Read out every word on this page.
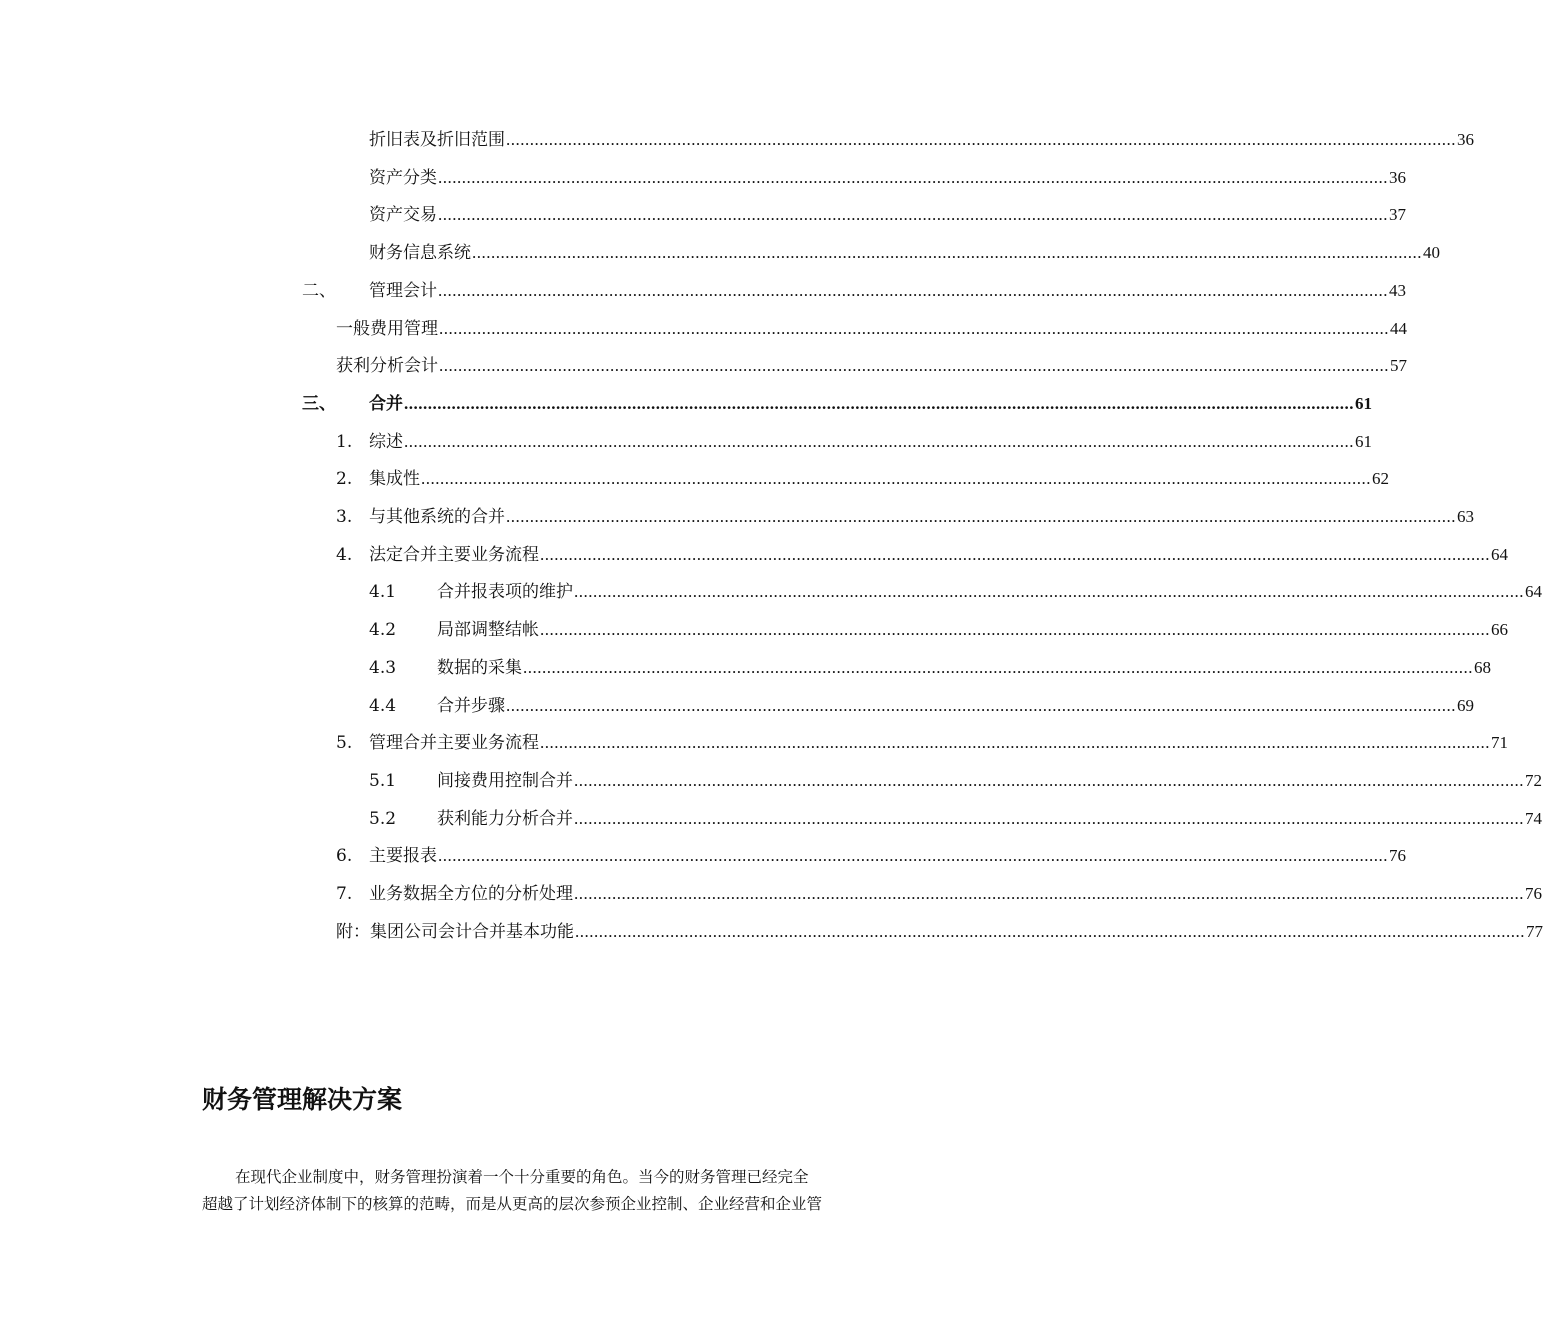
折旧表及折旧范围 ........................................................................................................................................................................................................ 36
资产分类 ........................................................................................................................................................................................................ 36
资产交易 ........................................................................................................................................................................................................ 37
财务信息系统 ........................................................................................................................................................................................................ 40
二、 管理会计 ........................................................................................................................................................................................................ 43
一般费用管理 ........................................................................................................................................................................................................ 44
获利分析会计 ........................................................................................................................................................................................................ 57
三、 合并 ........................................................................................................................................................................................................ 61
1. 综述 ........................................................................................................................................................................................................ 61
2. 集成性 ........................................................................................................................................................................................................ 62
3. 与其他系统的合并 ........................................................................................................................................................................................................ 63
4. 法定合并主要业务流程 ........................................................................................................................................................................................................ 64
4.1 合并报表项的维护 ........................................................................................................................................................................................................ 64
4.2 局部调整结帐 ........................................................................................................................................................................................................ 66
4.3 数据的采集 ........................................................................................................................................................................................................ 68
4.4 合并步骤 ........................................................................................................................................................................................................ 69
5. 管理合并主要业务流程 ........................................................................................................................................................................................................ 71
5.1 间接费用控制合并 ........................................................................................................................................................................................................ 72
5.2 获利能力分析合并 ........................................................................................................................................................................................................ 74
6. 主要报表 ........................................................................................................................................................................................................ 76
7. 业务数据全方位的分析处理 ........................................................................................................................................................................................................ 76
附：集团公司会计合并基本功能 ........................................................................................................................................................................................................ 77
财务管理解决方案

在现代企业制度中，财务管理扮演着一个十分重要的角色。当今的财务管理已经完全
超越了计划经济体制下的核算的范畴，而是从更高的层次参预企业控制、企业经营和企业管
